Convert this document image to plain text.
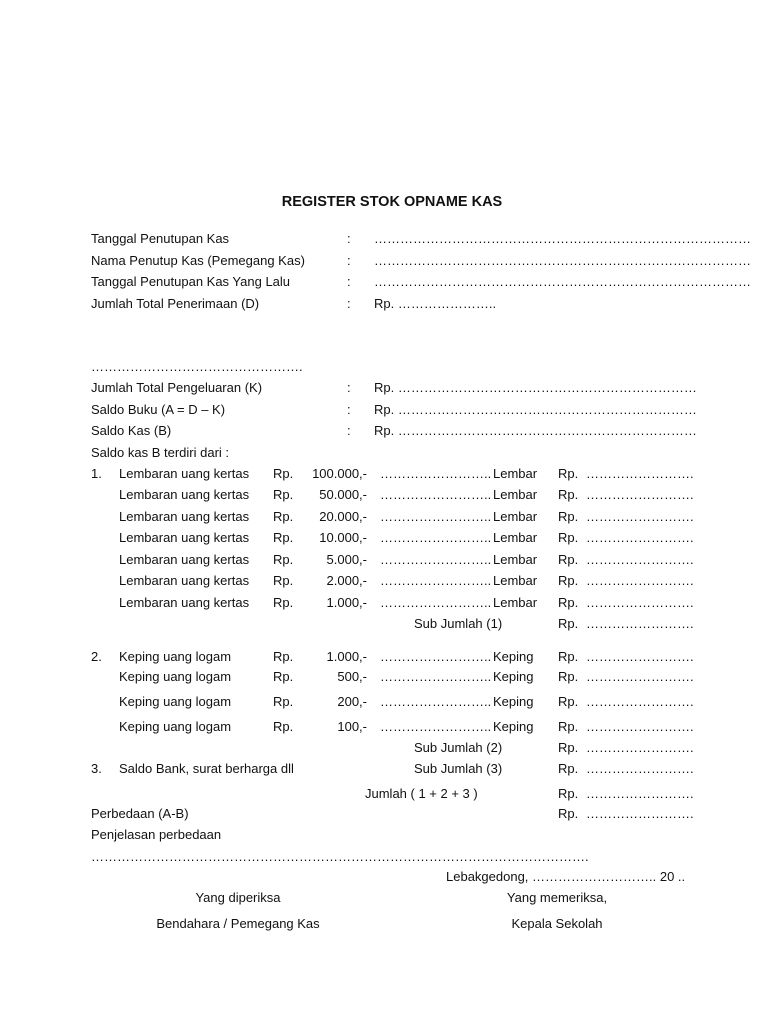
REGISTER STOK OPNAME KAS
Tanggal Penutupan Kas	: ……………………………………………………………………………
Nama Penutup Kas (Pemegang Kas)	: ……………………………………………………………………………
Tanggal Penutupan Kas Yang Lalu	: ……………………………………………………………………………
Jumlah Total Penerimaan (D)	: Rp. …………………..
………………………………………….
Jumlah Total Pengeluaran (K)	: Rp. ……………………………………………………………
Saldo Buku (A = D – K)	: Rp. ……………………………………………………………
Saldo Kas (B)	: Rp. ……………………………………………………………
Saldo kas B terdiri dari :
1. Lembaran uang kertas Rp.	100.000,- …………………….. Lembar Rp. …………………….
Lembaran uang kertas Rp.	50.000,- …………………….. Lembar Rp. …………………….
Lembaran uang kertas Rp.	20.000,- …………………….. Lembar Rp. …………………….
Lembaran uang kertas Rp.	10.000,- …………………….. Lembar Rp. …………………….
Lembaran uang kertas Rp.	5.000,- …………………….. Lembar Rp. …………………….
Lembaran uang kertas Rp.	2.000,- …………………….. Lembar Rp. …………………….
Lembaran uang kertas Rp.	1.000,- …………………….. Lembar Rp. …………………….
Sub Jumlah (1)	Rp. …………………….
2. Keping uang logam	Rp.	1.000,- …………………….. Keping Rp. …………………….
Keping uang logam	Rp.	500,- …………………….. Keping Rp. …………………….
Keping uang logam	Rp.	200,- …………………….. Keping Rp. …………………….
Keping uang logam	Rp.	100,- …………………….. Keping Rp. …………………….
Sub Jumlah (2)	Rp. …………………….
3. Saldo Bank, surat berharga dll	Sub Jumlah (3)	Rp. …………………….
Jumlah ( 1 + 2 + 3 )	Rp. …………………….
Perbedaan (A-B)	Rp. …………………….
Penjelasan perbedaan
…………………………………………………………………………………………………….
Lebakgedong, ……………………….. 20 ..
Yang diperiksa
Bendahara / Pemegang Kas
Yang memeriksa,
Kepala Sekolah
